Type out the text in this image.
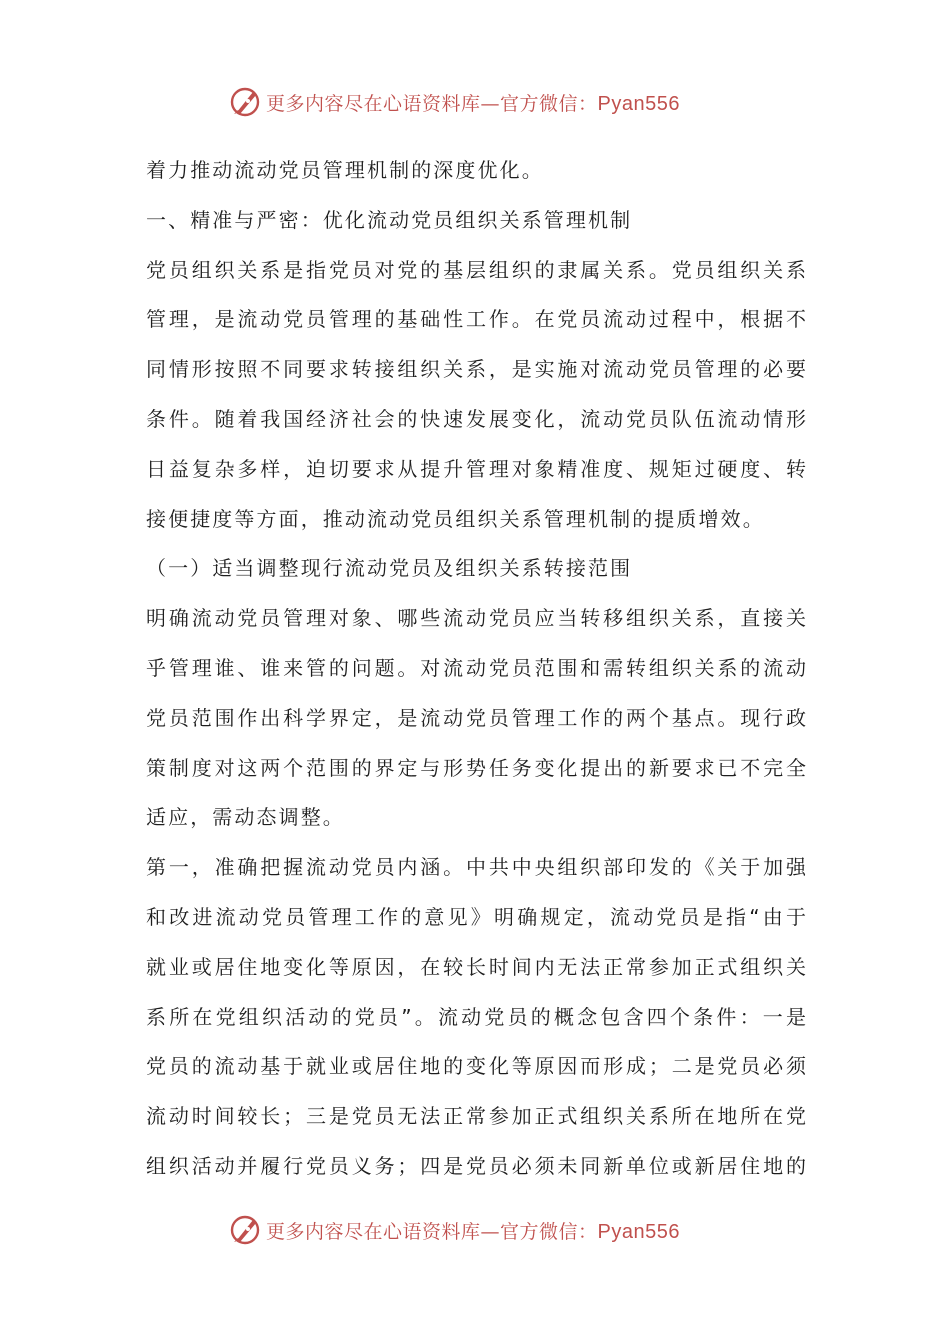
更多内容尽在心语资料库—官方微信：Pyan556
着力推动流动党员管理机制的深度优化。
一、精准与严密：优化流动党员组织关系管理机制
党员组织关系是指党员对党的基层组织的隶属关系。党员组织关系
管理，是流动党员管理的基础性工作。在党员流动过程中，根据不
同情形按照不同要求转接组织关系，是实施对流动党员管理的必要
条件。随着我国经济社会的快速发展变化，流动党员队伍流动情形
日益复杂多样，迫切要求从提升管理对象精准度、规矩过硬度、转
接便捷度等方面，推动流动党员组织关系管理机制的提质增效。
（一）适当调整现行流动党员及组织关系转接范围
明确流动党员管理对象、哪些流动党员应当转移组织关系，直接关
乎管理谁、谁来管的问题。对流动党员范围和需转组织关系的流动
党员范围作出科学界定，是流动党员管理工作的两个基点。现行政
策制度对这两个范围的界定与形势任务变化提出的新要求已不完全
适应，需动态调整。
第一，准确把握流动党员内涵。中共中央组织部印发的《关于加强
和改进流动党员管理工作的意见》明确规定，流动党员是指“由于
就业或居住地变化等原因，在较长时间内无法正常参加正式组织关
系所在党组织活动的党员”。流动党员的概念包含四个条件：一是
党员的流动基于就业或居住地的变化等原因而形成；二是党员必须
流动时间较长；三是党员无法正常参加正式组织关系所在地所在党
组织活动并履行党员义务；四是党员必须未同新单位或新居住地的
更多内容尽在心语资料库—官方微信：Pyan556
